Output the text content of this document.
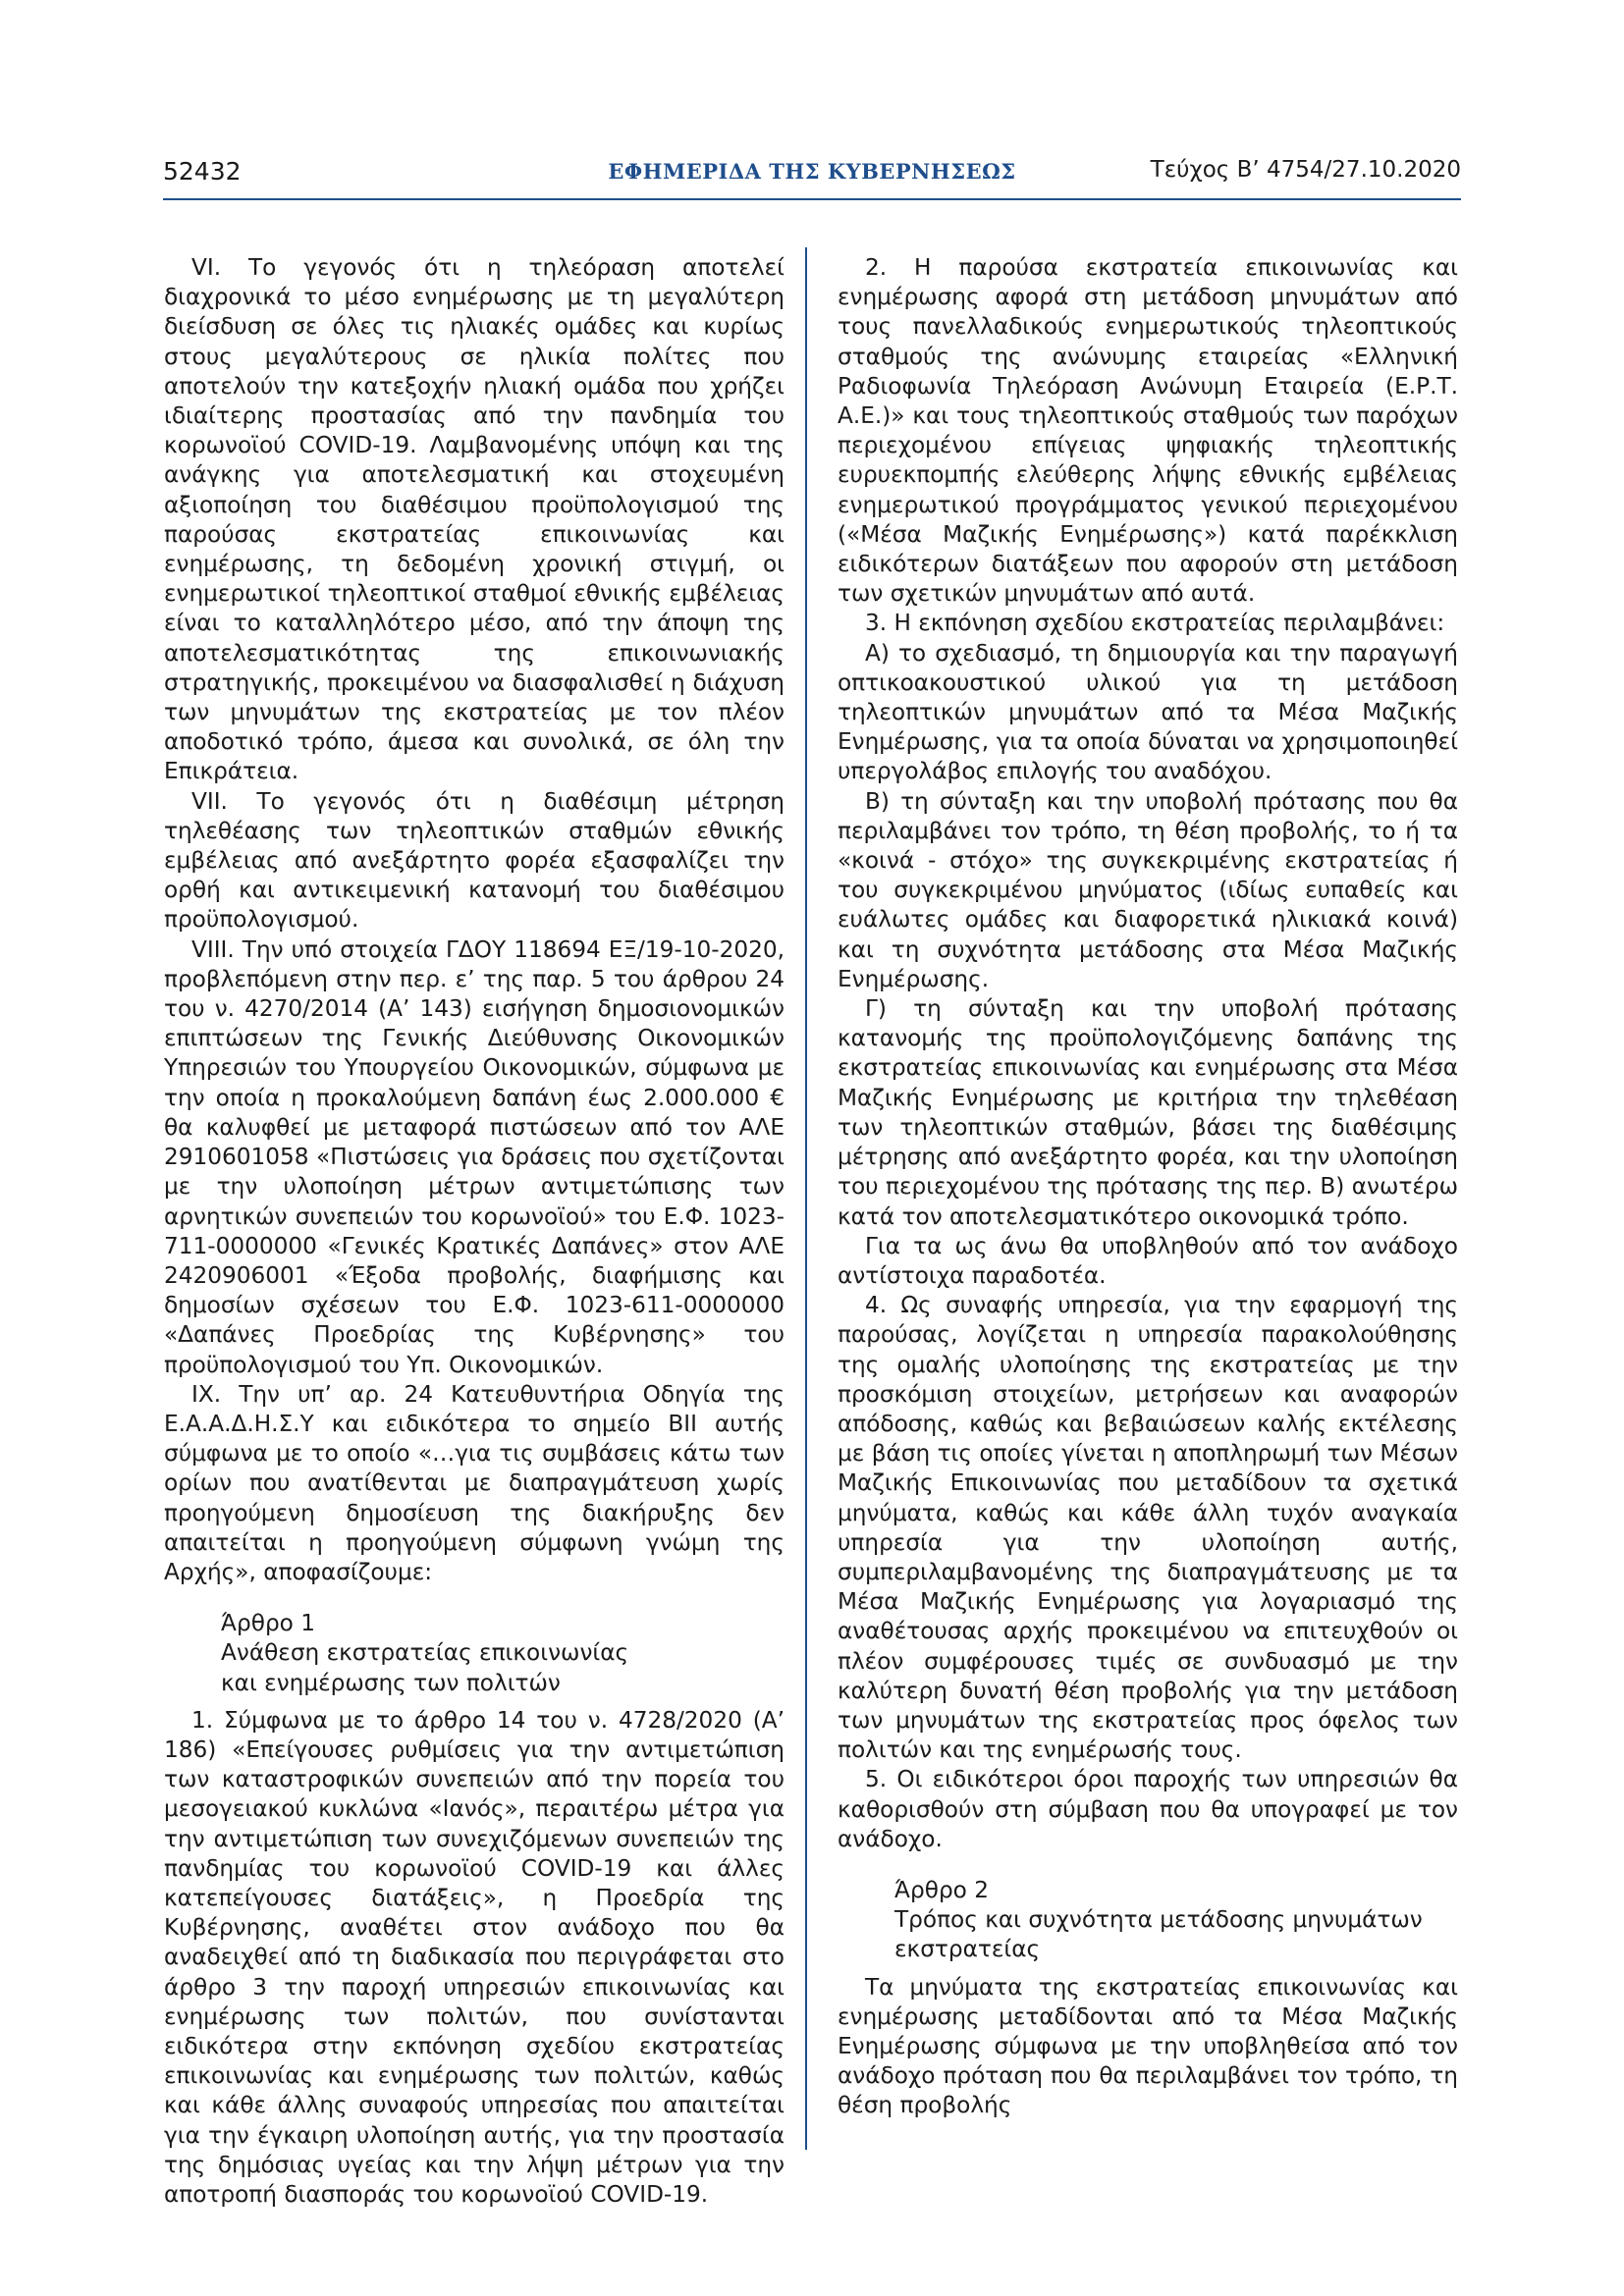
52432	ΕΦΗΜΕΡΙΔΑ ΤΗΣ ΚΥΒΕΡΝΗΣΕΩΣ	Τεύχος Β’ 4754/27.10.2020

VI. Το γεγονός ότι η τηλεόραση αποτελεί διαχρονικά το μέσο ενημέρωσης με τη μεγαλύτερη διείσδυση σε όλες τις ηλιακές ομάδες και κυρίως στους μεγαλύτερους σε ηλικία πολίτες που αποτελούν την κατεξοχήν ηλιακή ομάδα που χρήζει ιδιαίτερης προστασίας από την πανδημία του κορωνοϊού COVID-19. Λαμβανομένης υπόψη και της ανάγκης για αποτελεσματική και στοχευμένη αξιοποίηση του διαθέσιμου προϋπολογισμού της παρούσας εκστρατείας επικοινωνίας και ενημέρωσης, τη δεδομένη χρονική στιγμή, οι ενημερωτικοί τηλεοπτικοί σταθμοί εθνικής εμβέλειας είναι το καταλληλότερο μέσο, από την άποψη της αποτελεσματικότητας της επικοινωνιακής στρατηγικής, προκειμένου να διασφαλισθεί η διάχυση των μηνυμάτων της εκστρατείας με τον πλέον αποδοτικό τρόπο, άμεσα και συνολικά, σε όλη την Επικράτεια.

VII. Το γεγονός ότι η διαθέσιμη μέτρηση τηλεθέασης των τηλεοπτικών σταθμών εθνικής εμβέλειας από ανεξάρτητο φορέα εξασφαλίζει την ορθή και αντικειμενική κατανομή του διαθέσιμου προϋπολογισμού.

VIII. Την υπό στοιχεία ΓΔΟΥ 118694 ΕΞ/19-10-2020, προβλεπόμενη στην περ. ε’ της παρ. 5 του άρθρου 24 του ν. 4270/2014 (Α’ 143) εισήγηση δημοσιονομικών επιπτώσεων της Γενικής Διεύθυνσης Οικονομικών Υπηρεσιών του Υπουργείου Οικονομικών, σύμφωνα με την οποία η προκαλούμενη δαπάνη έως 2.000.000 € θα καλυφθεί με μεταφορά πιστώσεων από τον ΑΛΕ 2910601058 «Πιστώσεις για δράσεις που σχετίζονται με την υλοποίηση μέτρων αντιμετώπισης των αρνητικών συνεπειών του κορωνοϊού» του Ε.Φ. 1023-711-0000000 «Γενικές Κρατικές Δαπάνες» στον ΑΛΕ 2420906001 «Έξοδα προβολής, διαφήμισης και δημοσίων σχέσεων του Ε.Φ. 1023-611-0000000 «Δαπάνες Προεδρίας της Κυβέρνησης» του προϋπολογισμού του Υπ. Οικονομικών.

IX. Την υπ’ αρ. 24 Κατευθυντήρια Οδηγία της Ε.Α.Α.Δ.Η.Σ.Υ και ειδικότερα το σημείο ΒΙΙ αυτής σύμφωνα με το οποίο «…για τις συμβάσεις κάτω των ορίων που ανατίθενται με διαπραγμάτευση χωρίς προηγούμενη δημοσίευση της διακήρυξης δεν απαιτείται η προηγούμενη σύμφωνη γνώμη της Αρχής», αποφασίζουμε:

Άρθρο 1
Ανάθεση εκστρατείας επικοινωνίας
και ενημέρωσης των πολιτών

1. Σύμφωνα με το άρθρο 14 του ν. 4728/2020 (Α’ 186) «Επείγουσες ρυθμίσεις για την αντιμετώπιση των καταστροφικών συνεπειών από την πορεία του μεσογειακού κυκλώνα «Ιανός», περαιτέρω μέτρα για την αντιμετώπιση των συνεχιζόμενων συνεπειών της πανδημίας του κορωνοϊού COVID-19 και άλλες κατεπείγουσες διατάξεις», η Προεδρία της Κυβέρνησης, αναθέτει στον ανάδοχο που θα αναδειχθεί από τη διαδικασία που περιγράφεται στο άρθρο 3 την παροχή υπηρεσιών επικοινωνίας και ενημέρωσης των πολιτών, που συνίστανται ειδικότερα στην εκπόνηση σχεδίου εκστρατείας επικοινωνίας και ενημέρωσης των πολιτών, καθώς και κάθε άλλης συναφούς υπηρεσίας που απαιτείται για την έγκαιρη υλοποίηση αυτής, για την προστασία της δημόσιας υγείας και την λήψη μέτρων για την αποτροπή διασποράς του κορωνοϊού COVID-19.

2. Η παρούσα εκστρατεία επικοινωνίας και ενημέρωσης αφορά στη μετάδοση μηνυμάτων από τους πανελλαδικούς ενημερωτικούς τηλεοπτικούς σταθμούς της ανώνυμης εταιρείας «Ελληνική Ραδιοφωνία Τηλεόραση Ανώνυμη Εταιρεία (Ε.Ρ.Τ. Α.Ε.)» και τους τηλεοπτικούς σταθμούς των παρόχων περιεχομένου επίγειας ψηφιακής τηλεοπτικής ευρυεκπομπής ελεύθερης λήψης εθνικής εμβέλειας ενημερωτικού προγράμματος γενικού περιεχομένου («Μέσα Μαζικής Ενημέρωσης») κατά παρέκκλιση ειδικότερων διατάξεων που αφορούν στη μετάδοση των σχετικών μηνυμάτων από αυτά.

3. Η εκπόνηση σχεδίου εκστρατείας περιλαμβάνει:

Α) το σχεδιασμό, τη δημιουργία και την παραγωγή οπτικοακουστικού υλικού για τη μετάδοση τηλεοπτικών μηνυμάτων από τα Μέσα Μαζικής Ενημέρωσης, για τα οποία δύναται να χρησιμοποιηθεί υπεργολάβος επιλογής του αναδόχου.

Β) τη σύνταξη και την υποβολή πρότασης που θα περιλαμβάνει τον τρόπο, τη θέση προβολής, το ή τα «κοινά - στόχο» της συγκεκριμένης εκστρατείας ή του συγκεκριμένου μηνύματος (ιδίως ευπαθείς και ευάλωτες ομάδες και διαφορετικά ηλικιακά κοινά) και τη συχνότητα μετάδοσης στα Μέσα Μαζικής Ενημέρωσης.

Γ) τη σύνταξη και την υποβολή πρότασης κατανομής της προϋπολογιζόμενης δαπάνης της εκστρατείας επικοινωνίας και ενημέρωσης στα Μέσα Μαζικής Ενημέρωσης με κριτήρια την τηλεθέαση των τηλεοπτικών σταθμών, βάσει της διαθέσιμης μέτρησης από ανεξάρτητο φορέα, και την υλοποίηση του περιεχομένου της πρότασης της περ. Β) ανωτέρω κατά τον αποτελεσματικότερο οικονομικά τρόπο.

Για τα ως άνω θα υποβληθούν από τον ανάδοχο αντίστοιχα παραδοτέα.

4. Ως συναφής υπηρεσία, για την εφαρμογή της παρούσας, λογίζεται η υπηρεσία παρακολούθησης της ομαλής υλοποίησης της εκστρατείας με την προσκόμιση στοιχείων, μετρήσεων και αναφορών απόδοσης, καθώς και βεβαιώσεων καλής εκτέλεσης με βάση τις οποίες γίνεται η αποπληρωμή των Μέσων Μαζικής Επικοινωνίας που μεταδίδουν τα σχετικά μηνύματα, καθώς και κάθε άλλη τυχόν αναγκαία υπηρεσία για την υλοποίηση αυτής, συμπεριλαμβανομένης της διαπραγμάτευσης με τα Μέσα Μαζικής Ενημέρωσης για λογαριασμό της αναθέτουσας αρχής προκειμένου να επιτευχθούν οι πλέον συμφέρουσες τιμές σε συνδυασμό με την καλύτερη δυνατή θέση προβολής για την μετάδοση των μηνυμάτων της εκστρατείας προς όφελος των πολιτών και της ενημέρωσής τους.

5. Οι ειδικότεροι όροι παροχής των υπηρεσιών θα καθορισθούν στη σύμβαση που θα υπογραφεί με τον ανάδοχο.

Άρθρο 2
Τρόπος και συχνότητα μετάδοσης μηνυμάτων
εκστρατείας

Τα μηνύματα της εκστρατείας επικοινωνίας και ενημέρωσης μεταδίδονται από τα Μέσα Μαζικής Ενημέρωσης σύμφωνα με την υποβληθείσα από τον ανάδοχο πρόταση που θα περιλαμβάνει τον τρόπο, τη θέση προβολής
